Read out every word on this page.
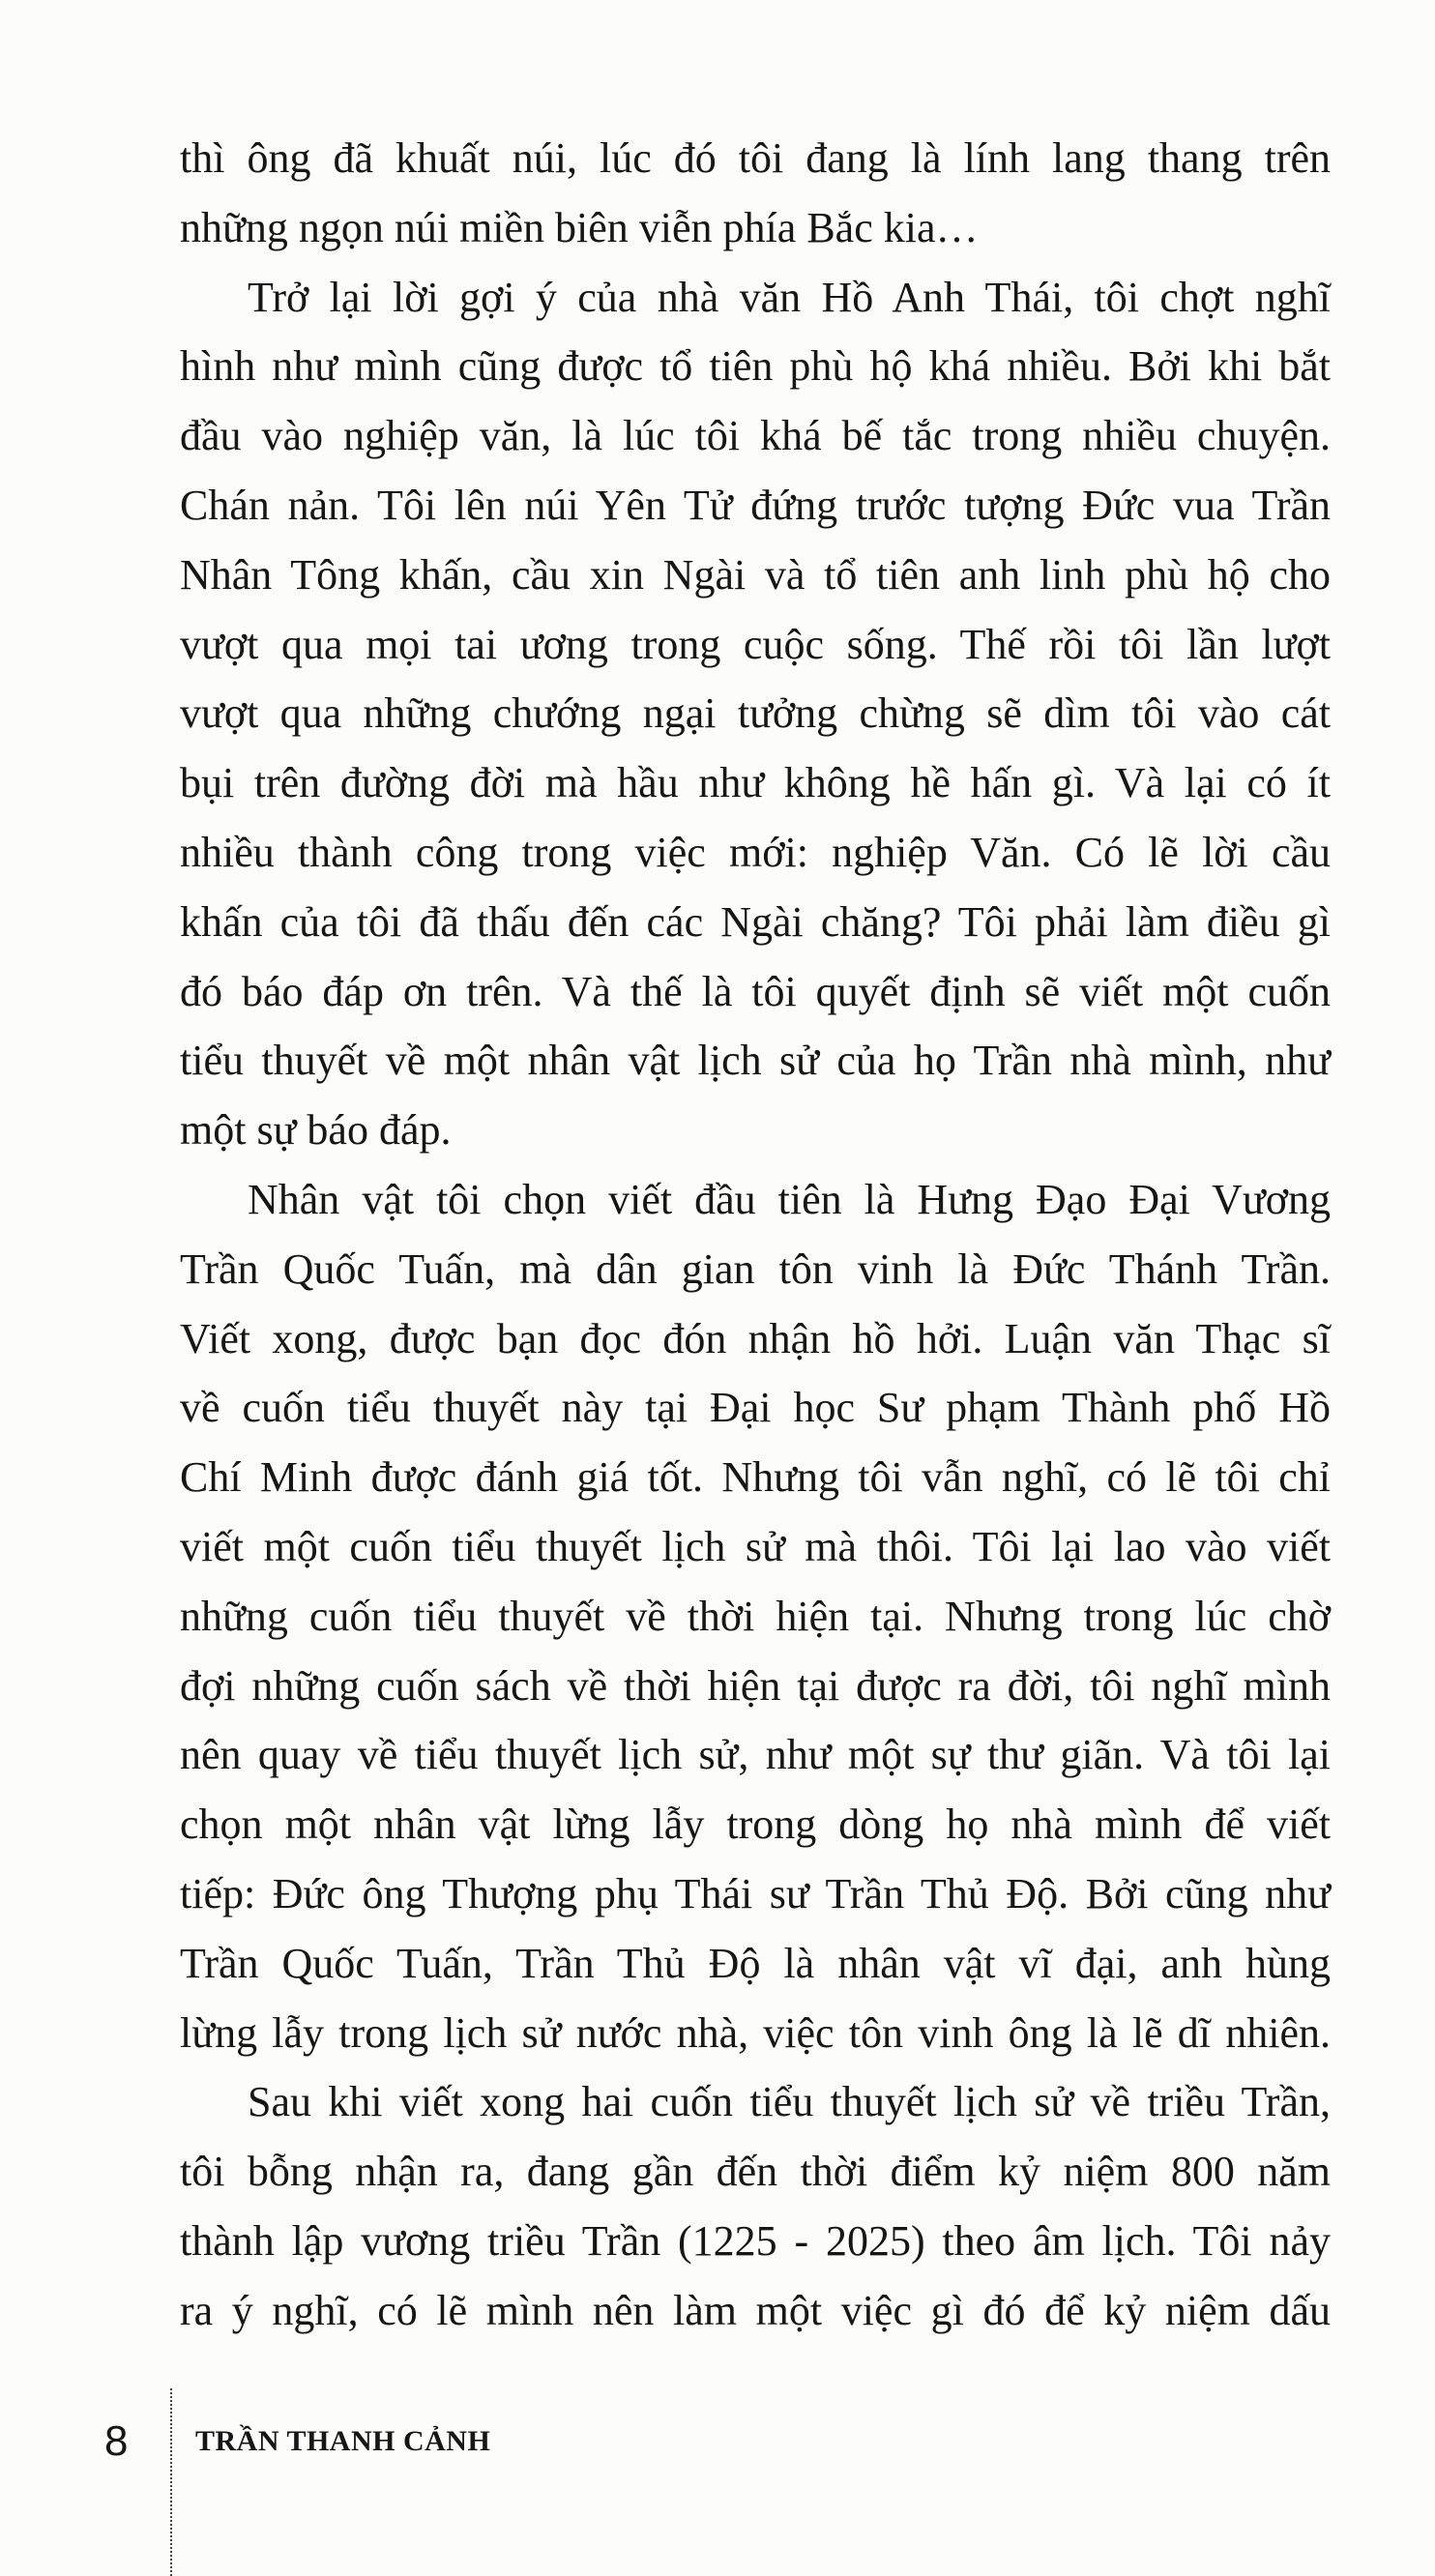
thì ông đã khuất núi, lúc đó tôi đang là lính lang thang trên
những ngọn núi miền biên viễn phía Bắc kia…
Trở lại lời gợi ý của nhà văn Hồ Anh Thái, tôi chợt nghĩ
hình như mình cũng được tổ tiên phù hộ khá nhiều. Bởi khi bắt
đầu vào nghiệp văn, là lúc tôi khá bế tắc trong nhiều chuyện.
Chán nản. Tôi lên núi Yên Tử đứng trước tượng Đức vua Trần
Nhân Tông khấn, cầu xin Ngài và tổ tiên anh linh phù hộ cho
vượt qua mọi tai ương trong cuộc sống. Thế rồi tôi lần lượt
vượt qua những chướng ngại tưởng chừng sẽ dìm tôi vào cát
bụi trên đường đời mà hầu như không hề hấn gì. Và lại có ít
nhiều thành công trong việc mới: nghiệp Văn. Có lẽ lời cầu
khấn của tôi đã thấu đến các Ngài chăng? Tôi phải làm điều gì
đó báo đáp ơn trên. Và thế là tôi quyết định sẽ viết một cuốn
tiểu thuyết về một nhân vật lịch sử của họ Trần nhà mình, như
một sự báo đáp.
Nhân vật tôi chọn viết đầu tiên là Hưng Đạo Đại Vương
Trần Quốc Tuấn, mà dân gian tôn vinh là Đức Thánh Trần.
Viết xong, được bạn đọc đón nhận hồ hởi. Luận văn Thạc sĩ
về cuốn tiểu thuyết này tại Đại học Sư phạm Thành phố Hồ
Chí Minh được đánh giá tốt. Nhưng tôi vẫn nghĩ, có lẽ tôi chỉ
viết một cuốn tiểu thuyết lịch sử mà thôi. Tôi lại lao vào viết
những cuốn tiểu thuyết về thời hiện tại. Nhưng trong lúc chờ
đợi những cuốn sách về thời hiện tại được ra đời, tôi nghĩ mình
nên quay về tiểu thuyết lịch sử, như một sự thư giãn. Và tôi lại
chọn một nhân vật lừng lẫy trong dòng họ nhà mình để viết
tiếp: Đức ông Thượng phụ Thái sư Trần Thủ Độ. Bởi cũng như
Trần Quốc Tuấn, Trần Thủ Độ là nhân vật vĩ đại, anh hùng
lừng lẫy trong lịch sử nước nhà, việc tôn vinh ông là lẽ dĩ nhiên.
Sau khi viết xong hai cuốn tiểu thuyết lịch sử về triều Trần,
tôi bỗng nhận ra, đang gần đến thời điểm kỷ niệm 800 năm
thành lập vương triều Trần (1225 - 2025) theo âm lịch. Tôi nảy
ra ý nghĩ, có lẽ mình nên làm một việc gì đó để kỷ niệm dấu
8 TRẦN THANH CẢNH
